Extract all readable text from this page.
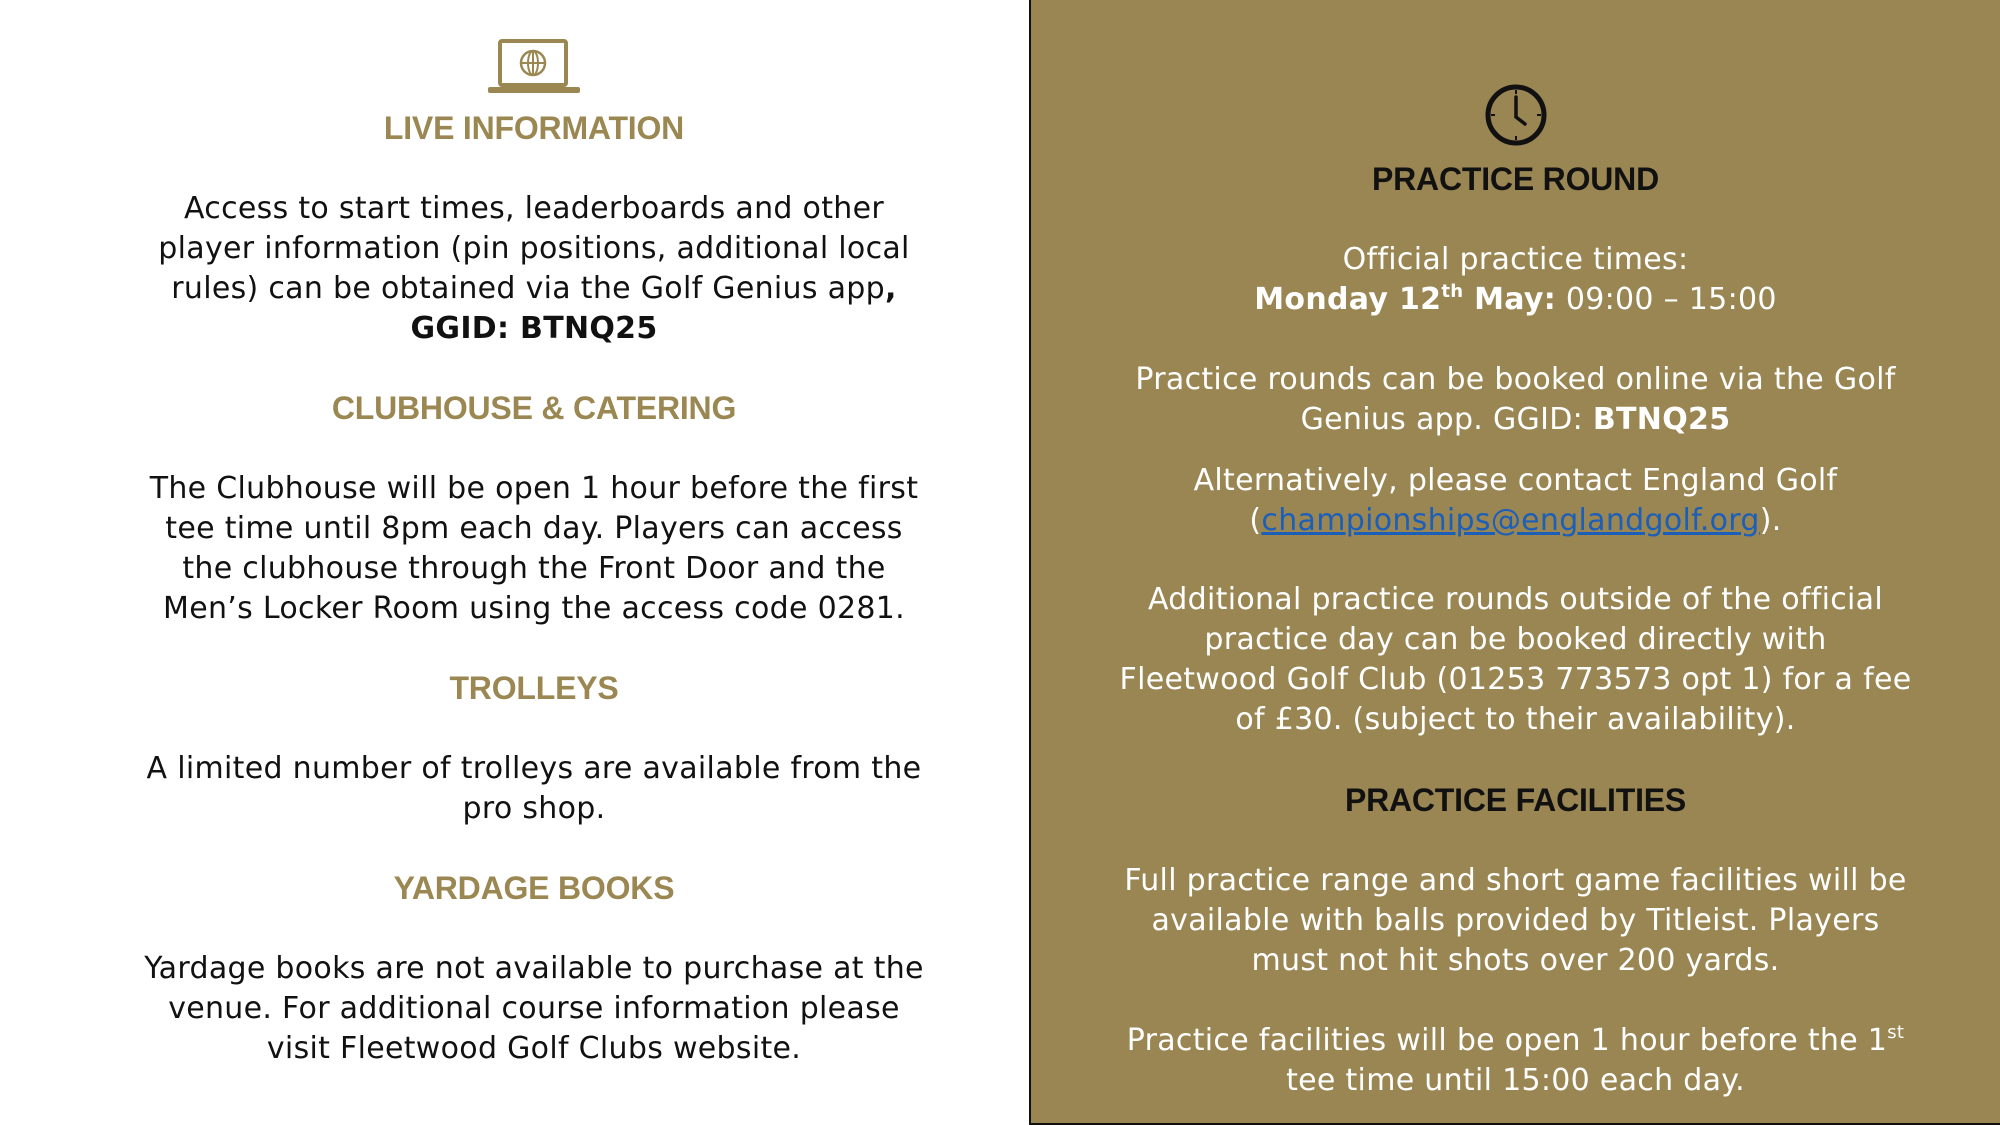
LIVE INFORMATION
Access to start times, leaderboards and other
player information (pin positions, additional local
rules) can be obtained via the Golf Genius app,
GGID: BTNQ25
CLUBHOUSE & CATERING
The Clubhouse will be open 1 hour before the first
tee time until 8pm each day. Players can access
the clubhouse through the Front Door and the
Men’s Locker Room using the access code 0281.
TROLLEYS
A limited number of trolleys are available from the
pro shop.
YARDAGE BOOKS
Yardage books are not available to purchase at the
venue. For additional course information please
visit Fleetwood Golf Clubs website.
PRACTICE ROUND
Official practice times:
Monday 12th May: 09:00 – 15:00
Practice rounds can be booked online via the Golf
Genius app. GGID: BTNQ25
Alternatively, please contact England Golf
(championships@englandgolf.org).
Additional practice rounds outside of the official
practice day can be booked directly with
Fleetwood Golf Club (01253 773573 opt 1) for a fee
of £30. (subject to their availability).
PRACTICE FACILITIES
Full practice range and short game facilities will be
available with balls provided by Titleist. Players
must not hit shots over 200 yards.
Practice facilities will be open 1 hour before the 1st
tee time until 15:00 each day.
